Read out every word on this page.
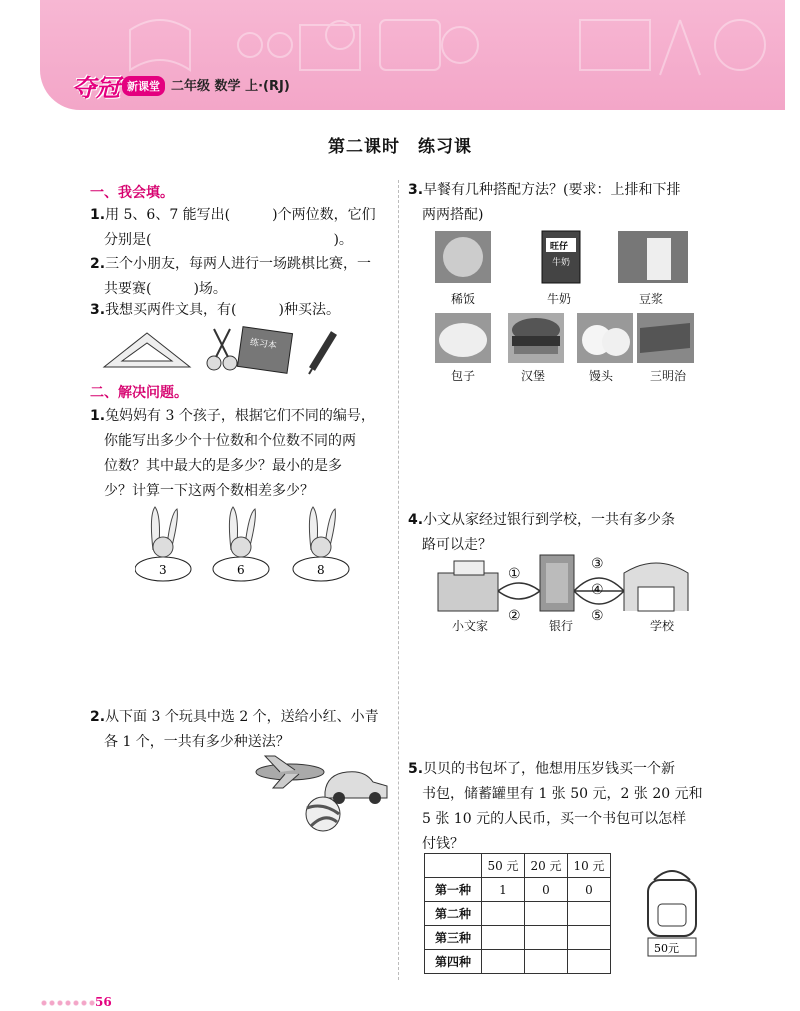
夺冠 新课堂 二年级 数学 上·(RJ)
第二课时　练习课
一、我会填。
1.用 5、6、7 能写出(　　　)个两位数，它们
分别是(　　　　　　　　　　　　　)。
2.三个小朋友，每两人进行一场跳棋比赛，一
共要赛(　　　)场。
3.我想买两件文具，有(　　　)种买法。
练习本
二、解决问题。
1.兔妈妈有 3 个孩子，根据它们不同的编号，
你能写出多少个十位数和个位数不同的两
位数？其中最大的是多少？最小的是多
少？计算一下这两个数相差多少？
3	6	8
2.从下面 3 个玩具中选 2 个，送给小红、小青
各 1 个，一共有多少种送法？
3.早餐有几种搭配方法？(要求：上排和下排
两两搭配)
旺仔
牛奶
稀饭	牛奶	豆浆
包子	汉堡	馒头	三明治
4.小文从家经过银行到学校，一共有多少条
路可以走？
①
②
③
④
⑤
小文家	银行	学校
5.贝贝的书包坏了，他想用压岁钱买一个新
书包，储蓄罐里有 1 张 50 元，2 张 20 元和
5 张 10 元的人民币，买一个书包可以怎样
付钱？
	50 元	20 元	10 元
第一种	1	0	0
第二种			
第三种			
第四种			
50元
56
